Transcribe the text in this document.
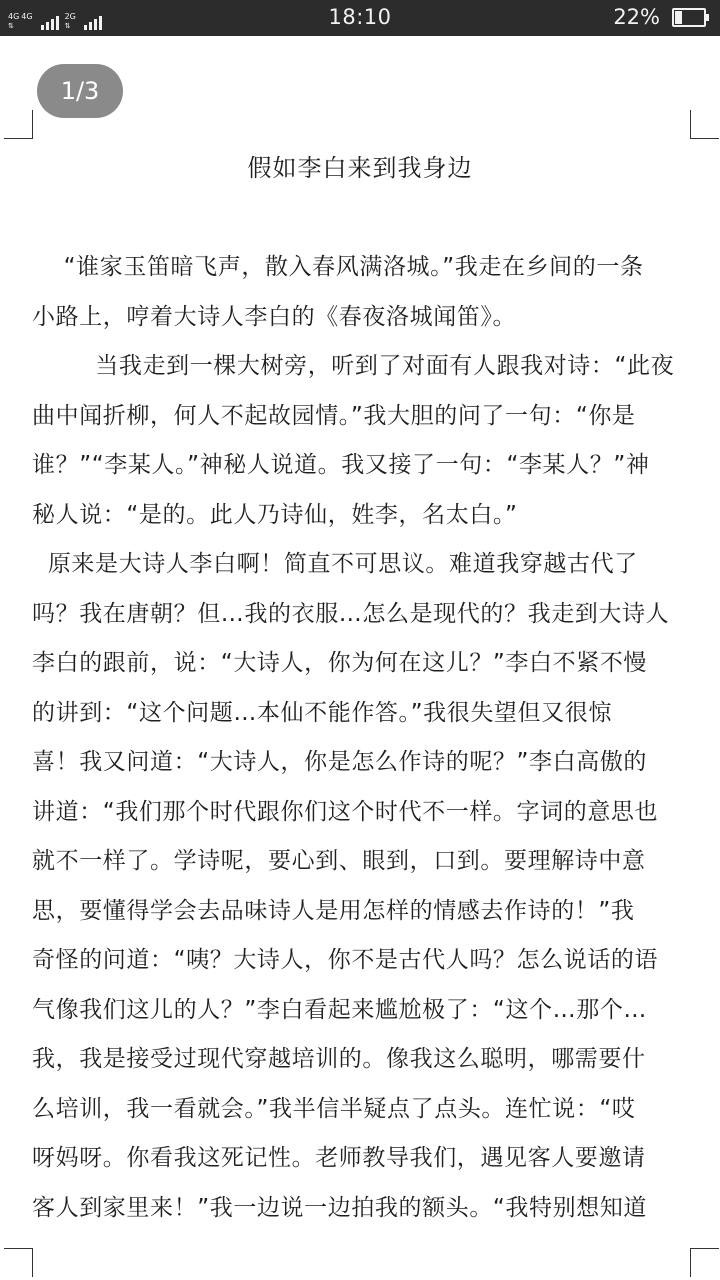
4G 4G
⇅
2G
⇅	18:10	22%
1/3
假如李白来到我身边
“谁家玉笛暗飞声，散入春风满洛城。”我走在乡间的一条
小路上，哼着大诗人李白的《春夜洛城闻笛》。
当我走到一棵大树旁，听到了对面有人跟我对诗：“此夜
曲中闻折柳，何人不起故园情。”我大胆的问了一句：“你是
谁？”“李某人。”神秘人说道。我又接了一句：“李某人？”神
秘人说：“是的。此人乃诗仙，姓李，名太白。”
原来是大诗人李白啊！简直不可思议。难道我穿越古代了
吗？我在唐朝？但…我的衣服…怎么是现代的？我走到大诗人
李白的跟前，说：“大诗人，你为何在这儿？”李白不紧不慢
的讲到：“这个问题…本仙不能作答。”我很失望但又很惊
喜！我又问道：“大诗人，你是怎么作诗的呢？”李白高傲的
讲道：“我们那个时代跟你们这个时代不一样。字词的意思也
就不一样了。学诗呢，要心到、眼到，口到。要理解诗中意
思，要懂得学会去品味诗人是用怎样的情感去作诗的！”我
奇怪的问道：“咦？大诗人，你不是古代人吗？怎么说话的语
气像我们这儿的人？”李白看起来尴尬极了：“这个…那个…
我，我是接受过现代穿越培训的。像我这么聪明，哪需要什
么培训，我一看就会。”我半信半疑点了点头。连忙说：“哎
呀妈呀。你看我这死记性。老师教导我们，遇见客人要邀请
客人到家里来！”我一边说一边拍我的额头。“我特别想知道
